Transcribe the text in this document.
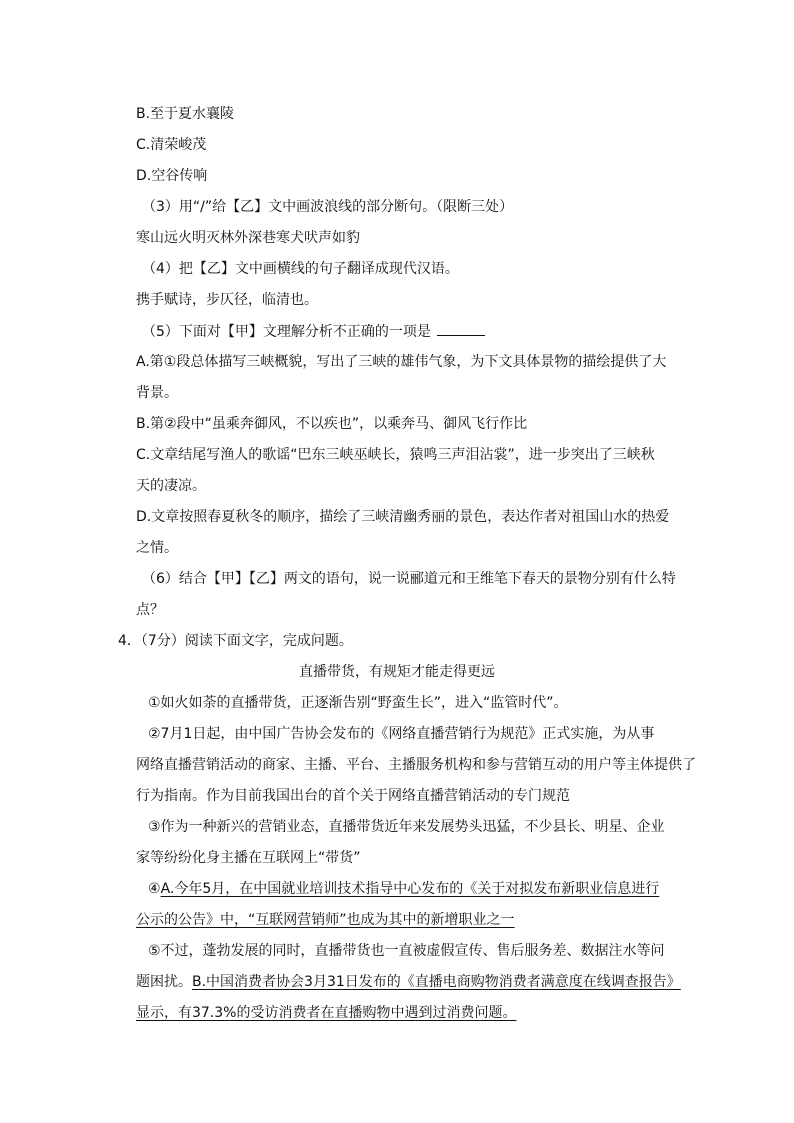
B.至于夏水襄陵
C.清荣峻茂
D.空谷传响
（3）用“/”给【乙】文中画波浪线的部分断句。（限断三处）
寒山远火明灭林外深巷寒犬吠声如豹
（4）把【乙】文中画横线的句子翻译成现代汉语。
携手赋诗，步仄径，临清也。
（5）下面对【甲】文理解分析不正确的一项是
A.第①段总体描写三峡概貌，写出了三峡的雄伟气象，为下文具体景物的描绘提供了大
背景。
B.第②段中“虽乘奔御风，不以疾也”，以乘奔马、御风飞行作比
C.文章结尾写渔人的歌谣“巴东三峡巫峡长，猿鸣三声泪沾裳”，进一步突出了三峡秋
天的凄凉。
D.文章按照春夏秋冬的顺序，描绘了三峡清幽秀丽的景色，表达作者对祖国山水的热爱
之情。
（6）结合【甲】【乙】两文的语句，说一说郦道元和王维笔下春天的景物分别有什么特
点？
4．（7分）阅读下面文字，完成问题。
直播带货，有规矩才能走得更远
①如火如荼的直播带货，正逐渐告别“野蛮生长”，进入“监管时代”。
②7月1日起，由中国广告协会发布的《网络直播营销行为规范》正式实施，为从事
网络直播营销活动的商家、主播、平台、主播服务机构和参与营销互动的用户等主体提供了
行为指南。作为目前我国出台的首个关于网络直播营销活动的专门规范
③作为一种新兴的营销业态，直播带货近年来发展势头迅猛，不少县长、明星、企业
家等纷纷化身主播在互联网上“带货”
④A.今年5月，在中国就业培训技术指导中心发布的《关于对拟发布新职业信息进行
公示的公告》中，“互联网营销师”也成为其中的新增职业之一
⑤不过，蓬勃发展的同时，直播带货也一直被虚假宣传、售后服务差、数据注水等问
题困扰。B.中国消费者协会3月31日发布的《直播电商购物消费者满意度在线调查报告》
显示，有37.3%的受访消费者在直播购物中遇到过消费问题。
